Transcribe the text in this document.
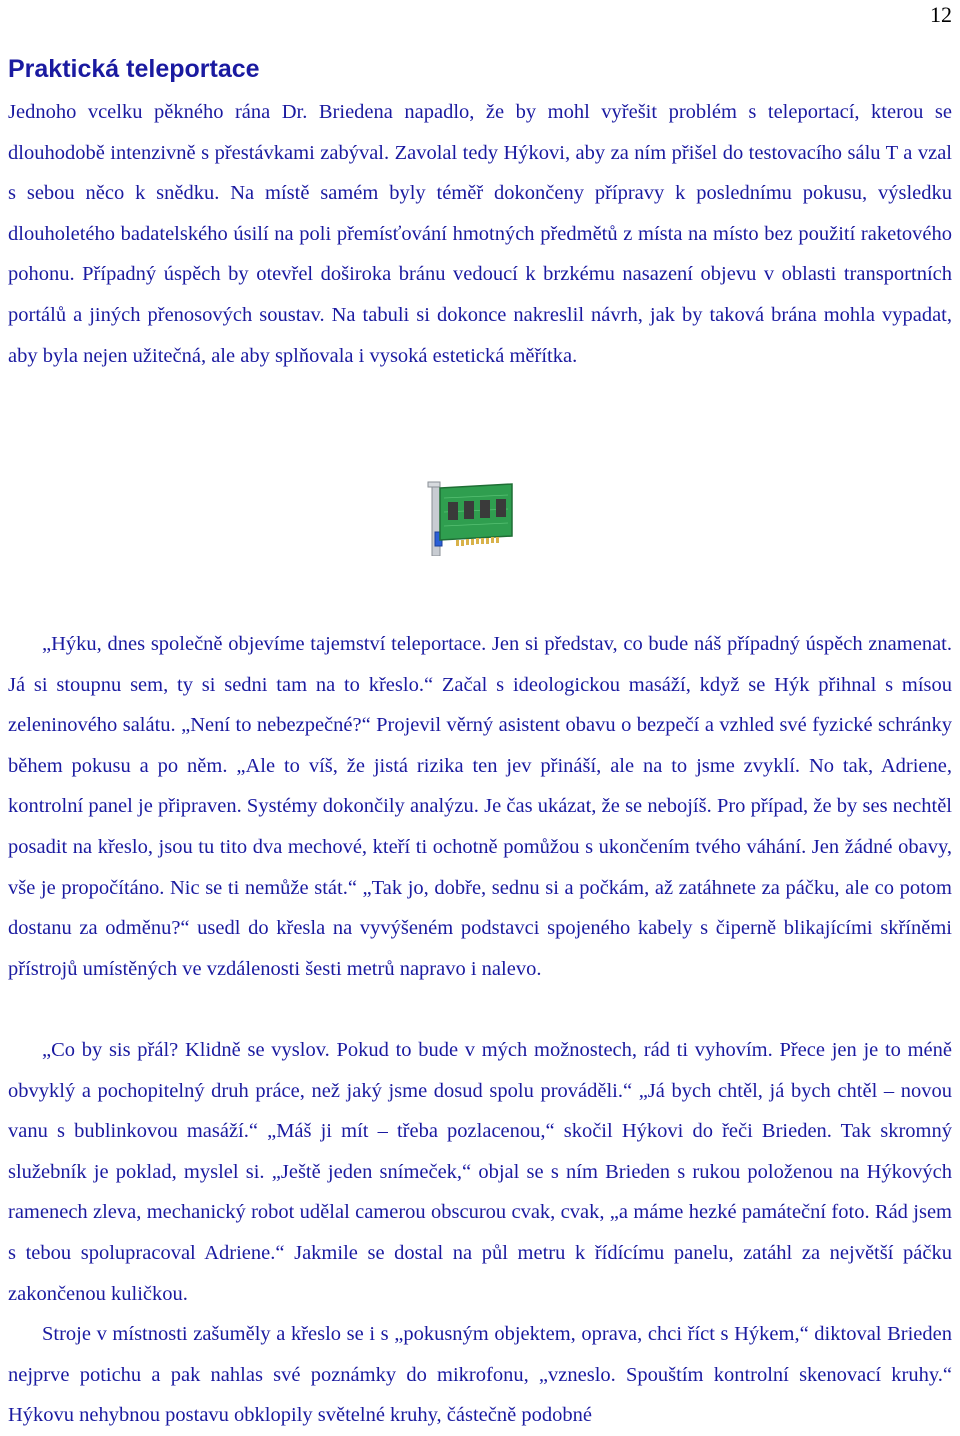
12
Praktická teleportace

Jednoho vcelku pěkného rána Dr. Briedena napadlo, že by mohl vyřešit problém s teleportací, kterou se dlouhodobě intenzivně s přestávkami zabýval. Zavolal tedy Hýkovi, aby za ním přišel do testovacího sálu T a vzal s sebou něco k snědku. Na místě samém byly téměř dokončeny přípravy k poslednímu pokusu, výsledku dlouholetého badatelského úsilí na poli přemísťování hmotných předmětů z místa na místo bez použití raketového pohonu. Případný úspěch by otevřel doširoka bránu vedoucí k brzkému nasazení objevu v oblasti transportních portálů a jiných přenosových soustav. Na tabuli si dokonce nakreslil návrh, jak by taková brána mohla vypadat, aby byla nejen užitečná, ale aby splňovala i vysoká estetická měřítka.

„Hýku, dnes společně objevíme tajemství teleportace. Jen si představ, co bude náš případný úspěch znamenat. Já si stoupnu sem, ty si sedni tam na to křeslo.“ Začal s ideologickou masáží, když se Hýk přihnal s mísou zeleninového salátu. „Není to nebezpečné?“ Projevil věrný asistent obavu o bezpečí a vzhled své fyzické schránky během pokusu a po něm. „Ale to víš, že jistá rizika ten jev přináší, ale na to jsme zvyklí. No tak, Adriene, kontrolní panel je připraven. Systémy dokončily analýzu. Je čas ukázat, že se nebojíš. Pro případ, že by ses nechtěl posadit na křeslo, jsou tu tito dva mechové, kteří ti ochotně pomůžou s ukončením tvého váhání. Jen žádné obavy, vše je propočítáno. Nic se ti nemůže stát.“ „Tak jo, dobře, sednu si a počkám, až zatáhnete za páčku, ale co potom dostanu za odměnu?“ usedl do křesla na vyvýšeném podstavci spojeného kabely s čiperně blikajícími skříněmi přístrojů umístěných ve vzdálenosti šesti metrů napravo i nalevo.

„Co by sis přál? Klidně se vyslov. Pokud to bude v mých možnostech, rád ti vyhovím. Přece jen je to méně obvyklý a pochopitelný druh práce, než jaký jsme dosud spolu prováděli.“ „Já bych chtěl, já bych chtěl – novou vanu s bublinkovou masáží.“ „Máš ji mít – třeba pozlacenou,“ skočil Hýkovi do řeči Brieden. Tak skromný služebník je poklad, myslel si. „Ještě jeden snímeček,“ objal se s ním Brieden s rukou položenou na Hýkových ramenech zleva, mechanický robot udělal camerou obscurou cvak, cvak, „a máme hezké památeční foto. Rád jsem s tebou spolupracoval Adriene.“ Jakmile se dostal na půl metru k řídícímu panelu, zatáhl za největší páčku zakončenou kuličkou.

Stroje v místnosti zašuměly a křeslo se i s „pokusným objektem, oprava, chci říct s Hýkem,“ diktoval Brieden nejprve potichu a pak nahlas své poznámky do mikrofonu, „vzneslo. Spouštím kontrolní skenovací kruhy.“ Hýkovu nehybnou postavu obklopily světelné kruhy, částečně podobné
